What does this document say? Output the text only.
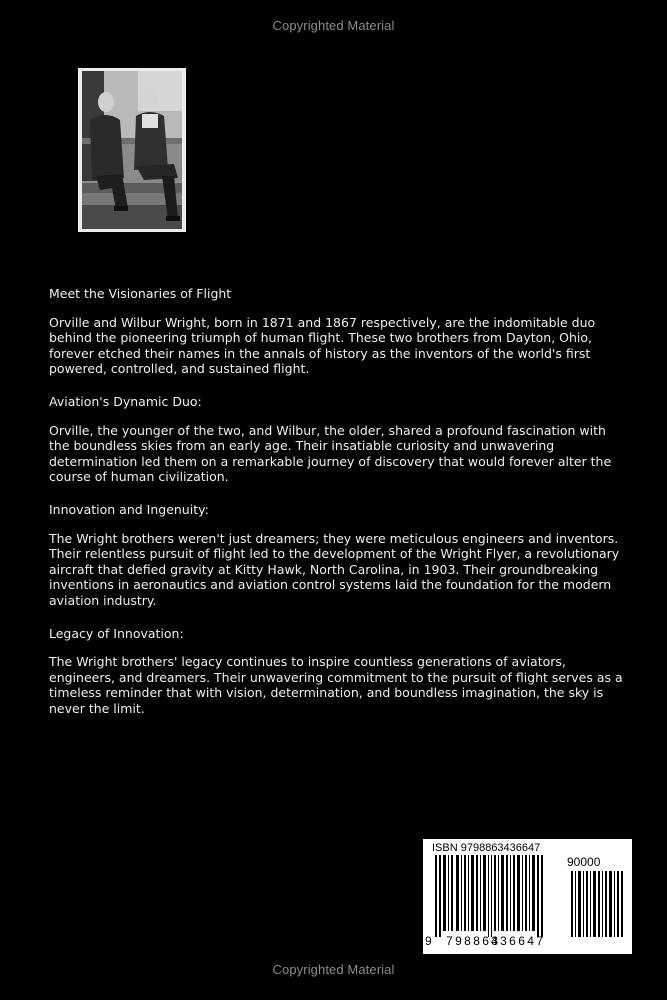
Copyrighted Material

Meet the Visionaries of Flight

Orville and Wilbur Wright, born in 1871 and 1867 respectively, are the indomitable duo behind the pioneering triumph of human flight. These two brothers from Dayton, Ohio, forever etched their names in the annals of history as the inventors of the world's first powered, controlled, and sustained flight.

Aviation's Dynamic Duo:

Orville, the younger of the two, and Wilbur, the older, shared a profound fascination with the boundless skies from an early age. Their insatiable curiosity and unwavering determination led them on a remarkable journey of discovery that would forever alter the course of human civilization.

Innovation and Ingenuity:

The Wright brothers weren't just dreamers; they were meticulous engineers and inventors. Their relentless pursuit of flight led to the development of the Wright Flyer, a revolutionary aircraft that defied gravity at Kitty Hawk, North Carolina, in 1903. Their groundbreaking inventions in aeronautics and aviation control systems laid the foundation for the modern aviation industry.

Legacy of Innovation:

The Wright brothers' legacy continues to inspire countless generations of aviators, engineers, and dreamers. Their unwavering commitment to the pursuit of flight serves as a timeless reminder that with vision, determination, and boundless imagination, the sky is never the limit.

ISBN 9798863436647
90000
9 798863
436647
Copyrighted Material
